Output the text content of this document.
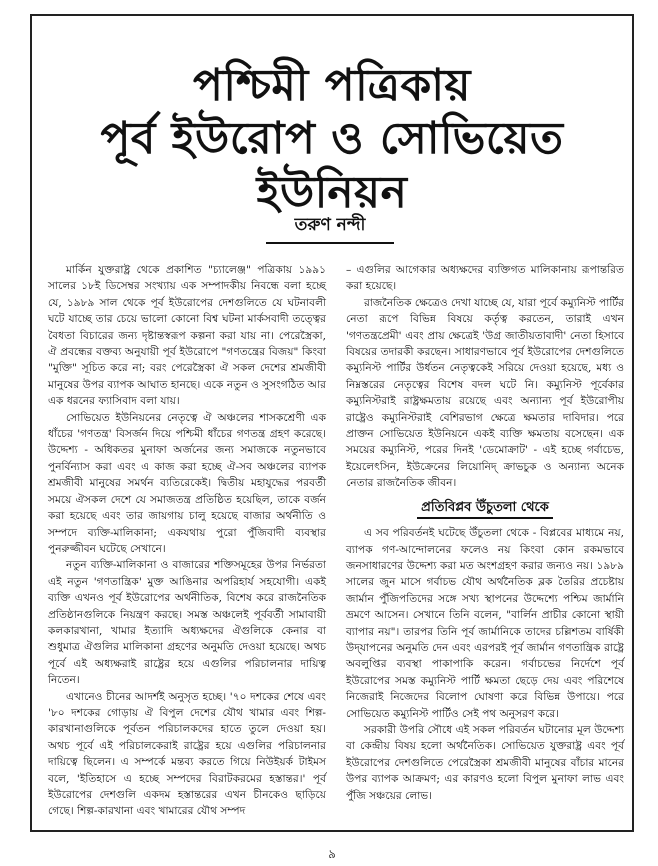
পশ্চিমী পত্রিকায়
পূর্ব ইউরোপ ও সোভিয়েত ইউনিয়ন
তরুণ নন্দী

মার্কিন যুক্তরাষ্ট্র থেকে প্রকাশিত "চ্যালেঞ্জ" পত্রিকায় ১৯৯১ সালের ১৮ই ডিসেম্বর সংখ্যায় এক সম্পাদকীয় নিবন্ধে বলা হচ্ছে যে, ১৯৮৯ সাল থেকে পূর্ব ইউরোপের দেশগুলিতে যে ঘটনাবলী ঘটে যাচ্ছে তার চেয়ে ভালো কোনো বিশ্ব ঘটনা মার্কসবাদী তত্ত্বের বৈধতা বিচারের জন্য দৃষ্টান্তস্বরূপ কল্পনা করা যায় না। পেরেস্ত্রৈকা, ঐ প্রবন্ধের বক্তব্য অনুযায়ী পূর্ব ইউরোপে "গণতন্ত্রের বিজয়" কিংবা "মুক্তি" সূচিত করে না; বরং পেরেস্ত্রৈকা ঐ সকল দেশের শ্রমজীবী মানুষের উপর ব্যাপক আঘাত হানছে। একে নতুন ও সুসংগঠিত আর এক ধরনের ফ্যাসিবাদ বলা যায়।

সোভিয়েত ইউনিয়নের নেতৃত্বে ঐ অঞ্চলের শাসকশ্রেণী এক ধাঁচের 'গণতন্ত্র' বিসর্জন দিয়ে পশ্চিমী ধাঁচের গণতন্ত্র গ্রহণ করেছে। উদ্দেশ্য - অধিকতর মুনাফা অর্জনের জন্য সমাজকে নতুনভাবে পুনর্বিন্যাস করা এবং এ কাজ করা হচ্ছে ঐ-সব অঞ্চলের ব্যাপক শ্রমজীবী মানুষের সমর্থন ব্যতিরেকেই। দ্বিতীয় মহাযুদ্ধের পরবর্তী সময়ে ঐসকল দেশে যে সমাজতন্ত্র প্রতিষ্ঠিত হয়েছিল, তাকে বর্জন করা হয়েছে এবং তার জায়গায় চালু হয়েছে বাজার অর্থনীতি ও সম্পদে ব্যক্তি-মালিকানা; একযথায় পুরো পুঁজিবাদী ব্যবস্থার পুনরুজ্জীবন ঘটেছে সেখানে।

নতুন ব্যক্তি-মালিকানা ও বাজারের শক্তিসমূহের উপর নির্ভরতা এই নতুন 'গণতান্ত্রিক' মুক্ত আঙিনার অপরিহার্য সহযোগী। একই ব্যক্তি এখনও পূর্ব ইউরোপের অর্থনীতিক, বিশেষ করে রাজনৈতিক প্রতিষ্ঠানগুলিকে নিয়ন্ত্রণ করছে। সমস্ত অঞ্চলেই পূর্ববর্তী সামাবায়ী কলকারখানা, খামার ইত্যাদি অধ্যক্ষদের ঐগুলিকে কেনার বা শুধুমাত্র ঐগুলির মালিকানা গ্রহণের অনুমতি দেওয়া হয়েছে। অথচ পূর্বে এই অধ্যক্ষরাই রাষ্ট্রের হয়ে এগুলির পরিচালনার দায়িত্ব নিতেন।

এখানেও চীনের আদর্শই অনুসৃত হচ্ছে। '৭০ দশকের শেষে এবং '৮০ দশকের গোড়ায় ঐ বিপুল দেশের যৌথ খামার এবং শিল্প-কারখানাগুলিকে পূর্বতন পরিচালকদের হাতে তুলে দেওয়া হয়। অথচ পূর্বে এই পরিচালকেরাই রাষ্ট্রের হয়ে এগুলির পরিচালনার দায়িত্বে ছিলেন। এ সম্পর্কে মন্তব্য করতে গিয়ে নিউইয়র্ক টাইমস বলে, 'ইতিহাসে এ হচ্ছে সম্পদের বিরাটকরমের হস্তান্তর।' পূর্ব ইউরোপের দেশগুলি একদম হস্তান্তরের এখন চীনকেও ছাড়িয়ে গেছে। শিল্প-কারখানা এবং খামারের যৌথ সম্পদ

– এগুলির আগেকার অধ্যক্ষদের ব্যক্তিগত মালিকানায় রূপান্তরিত করা হয়েছে।

রাজনৈতিক ক্ষেত্রেও দেখা যাচ্ছে যে, যারা পূর্বে কম্যুনিস্ট পার্টির নেতা রূপে বিভিন্ন বিষয়ে কর্তৃত্ব করতেন, তারাই এখন 'গণতন্ত্রপ্রেমী' এবং প্রায় ক্ষেত্রেই 'উগ্র জাতীয়তাবাদী' নেতা হিসাবে বিষয়ের তদারকী করছেন। সাধারণভাবে পূর্ব ইউরোপের দেশগুলিতে কম্যুনিস্ট পার্টির উর্ধতন নেতৃত্বকেই সরিয়ে দেওয়া হয়েছে, মধ্য ও নিম্নস্তরের নেতৃত্বের বিশেষ বদল ঘটে নি। কম্যুনিস্ট পূর্বেকার কম্যুনিস্টরাই রাষ্ট্রক্ষমতায় রয়েছে এবং অন্যান্য পূর্ব ইউরোপীয় রাষ্ট্রেও কম্যুনিস্টরাই বেশিরভাগ ক্ষেত্রে ক্ষমতার দাবিদার। পরে প্রাক্তন সোভিয়েত ইউনিয়নে একই ব্যক্তি ক্ষমতায় বসেছেন। এক সময়ের কম্যুনিস্ট, পরের দিনই 'ডেমোক্রাট' - এই হচ্ছে গর্বাচেভ, ইয়েলেৎসিন, ইউক্রেনের লিয়োনিদ্ ক্রাভচুক ও অন্যান্য অনেক নেতার রাজনৈতিক জীবন।

প্রতিবিপ্লব উঁচুতলা থেকে

এ সব পরিবর্তনই ঘটেছে উঁচুতলা থেকে - বিপ্লবের মাধ্যমে নয়, ব্যাপক গণ-আন্দোলনের ফলেও নয় কিংবা কোন রকমভাবে জনসাধারণের উদ্দেশ্য করা মত অংশগ্রহণ করার জন্যও নয়। ১৯৮৯ সালের জুন মাসে গর্বাচভ যৌথ অর্থনৈতিক ব্লক তৈরির প্রচেষ্টায় জার্মান পুঁজিপতিদের সঙ্গে সখ্য স্থাপনের উদ্দেশ্যে পশ্চিম জার্মানি ভ্রমণে আসেন। সেখানে তিনি বলেন, "বার্লিন প্রাচীর কোনো স্থায়ী ব্যাপার নয়"। তারপর তিনি পূর্ব জার্মানিকে তাদের চল্লিশতম বার্ষিকী উদ্‌যাপনের অনুমতি দেন এবং এরপরই পূর্ব জার্মান গণতান্ত্রিক রাষ্ট্রে অবলুপ্তির ব্যবস্থা পাকাপাকি করেন। গর্বাচভের নির্দেশে পূর্ব ইউরোপের সমস্ত কম্যুনিস্ট পার্টি ক্ষমতা ছেড়ে দেয় এবং পরিশেষে নিজেরাই নিজেদের বিলোপ ঘোষণা করে বিভিন্ন উপায়ে। পরে সোভিয়েত কম্যুনিস্ট পার্টিও সেই পথ অনুসরণ করে।

সরকারী উপরি সৌধে এই সকল পরিবর্তন ঘটানোর মূল উদ্দেশ্য বা কেন্দ্রীয় বিষয় হলো অর্থনৈতিক। সোভিয়েত যুক্তরাষ্ট্র এবং পূর্ব ইউরোপের দেশগুলিতে পেরেস্ত্রৈকা শ্রমজীবী মানুষের বাঁচার মানের উপর ব্যাপক আক্রমণ; এর কারণও হলো বিপুল মুনাফা লাভ এবং পুঁজি সঞ্চয়ের লোভ।

৯
